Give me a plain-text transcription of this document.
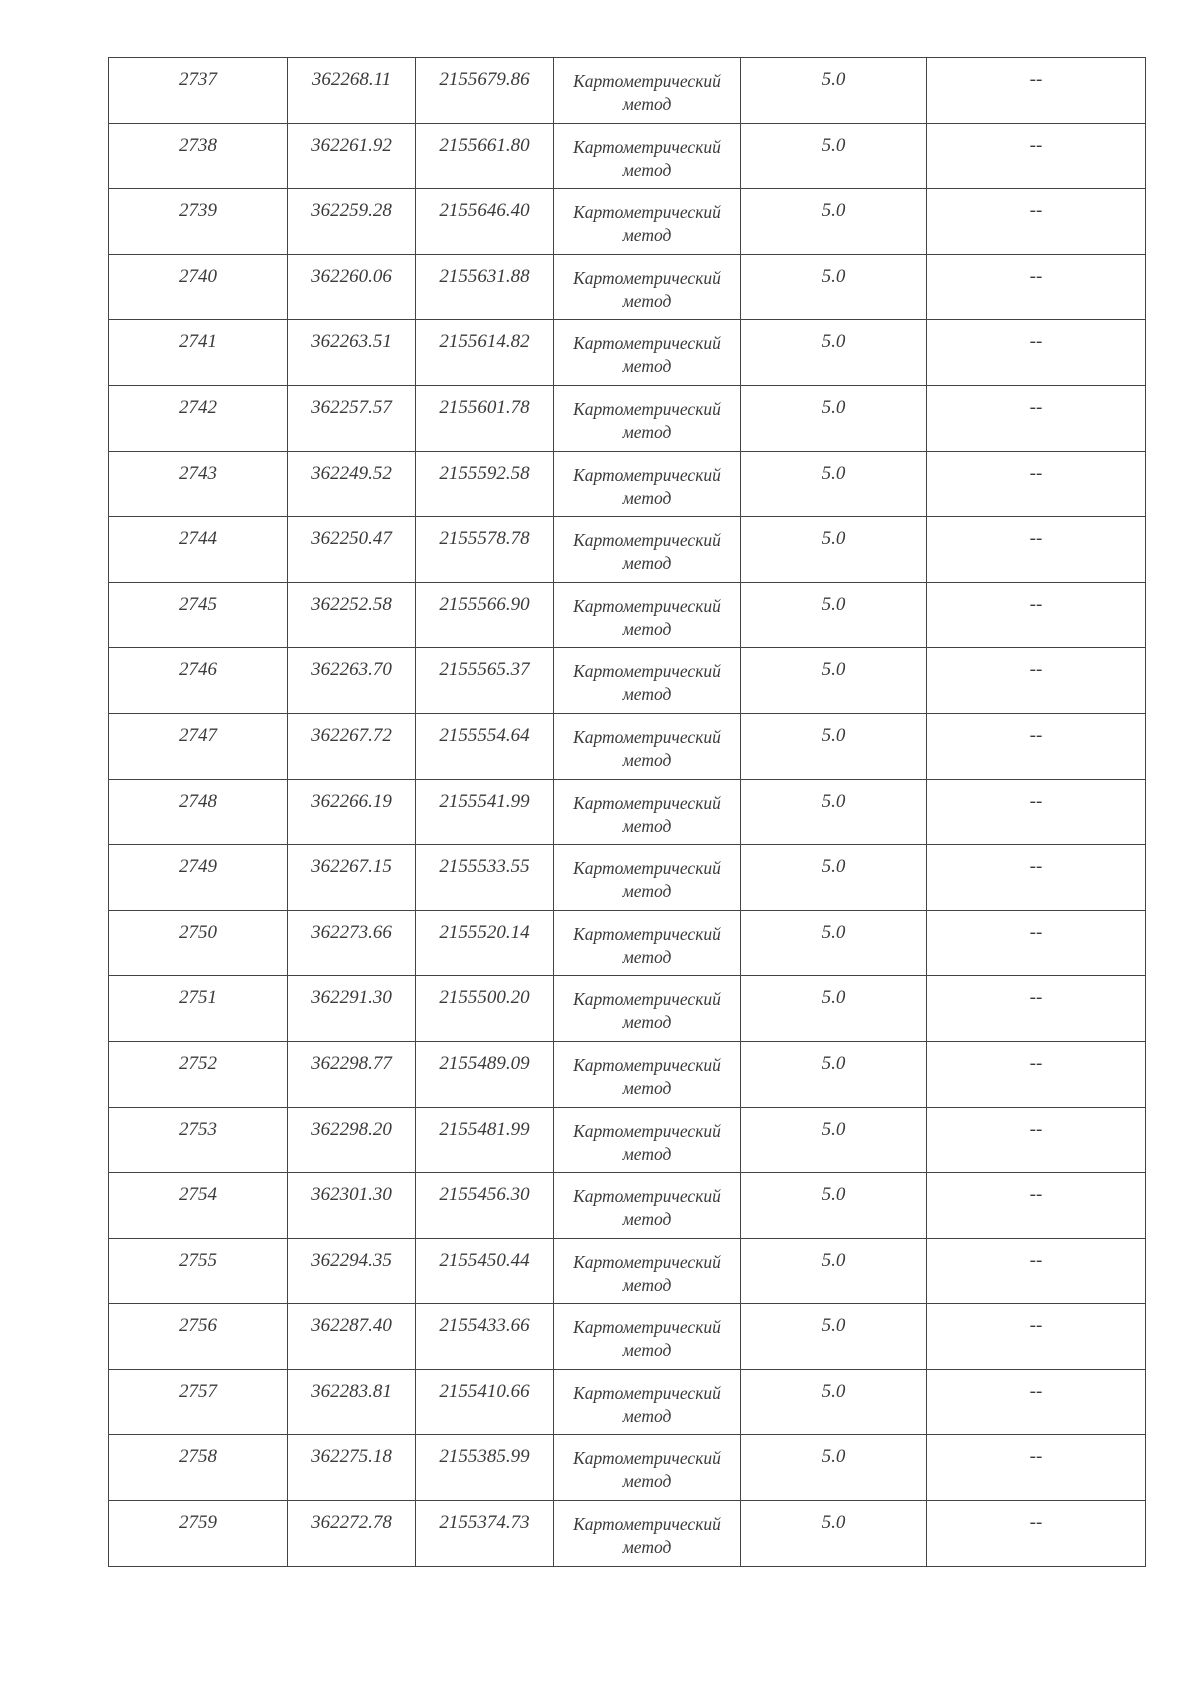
2737	362268.11	2155679.86	Картометрический
метод	5.0	--

2738	362261.92	2155661.80	Картометрический
метод	5.0	--

2739	362259.28	2155646.40	Картометрический
метод	5.0	--

2740	362260.06	2155631.88	Картометрический
метод	5.0	--

2741	362263.51	2155614.82	Картометрический
метод	5.0	--

2742	362257.57	2155601.78	Картометрический
метод	5.0	--

2743	362249.52	2155592.58	Картометрический
метод	5.0	--

2744	362250.47	2155578.78	Картометрический
метод	5.0	--

2745	362252.58	2155566.90	Картометрический
метод	5.0	--

2746	362263.70	2155565.37	Картометрический
метод	5.0	--

2747	362267.72	2155554.64	Картометрический
метод	5.0	--

2748	362266.19	2155541.99	Картометрический
метод	5.0	--

2749	362267.15	2155533.55	Картометрический
метод	5.0	--

2750	362273.66	2155520.14	Картометрический
метод	5.0	--

2751	362291.30	2155500.20	Картометрический
метод	5.0	--

2752	362298.77	2155489.09	Картометрический
метод	5.0	--

2753	362298.20	2155481.99	Картометрический
метод	5.0	--

2754	362301.30	2155456.30	Картометрический
метод	5.0	--

2755	362294.35	2155450.44	Картометрический
метод	5.0	--

2756	362287.40	2155433.66	Картометрический
метод	5.0	--

2757	362283.81	2155410.66	Картометрический
метод	5.0	--

2758	362275.18	2155385.99	Картометрический
метод	5.0	--

2759	362272.78	2155374.73	Картометрический
метод	5.0	--
